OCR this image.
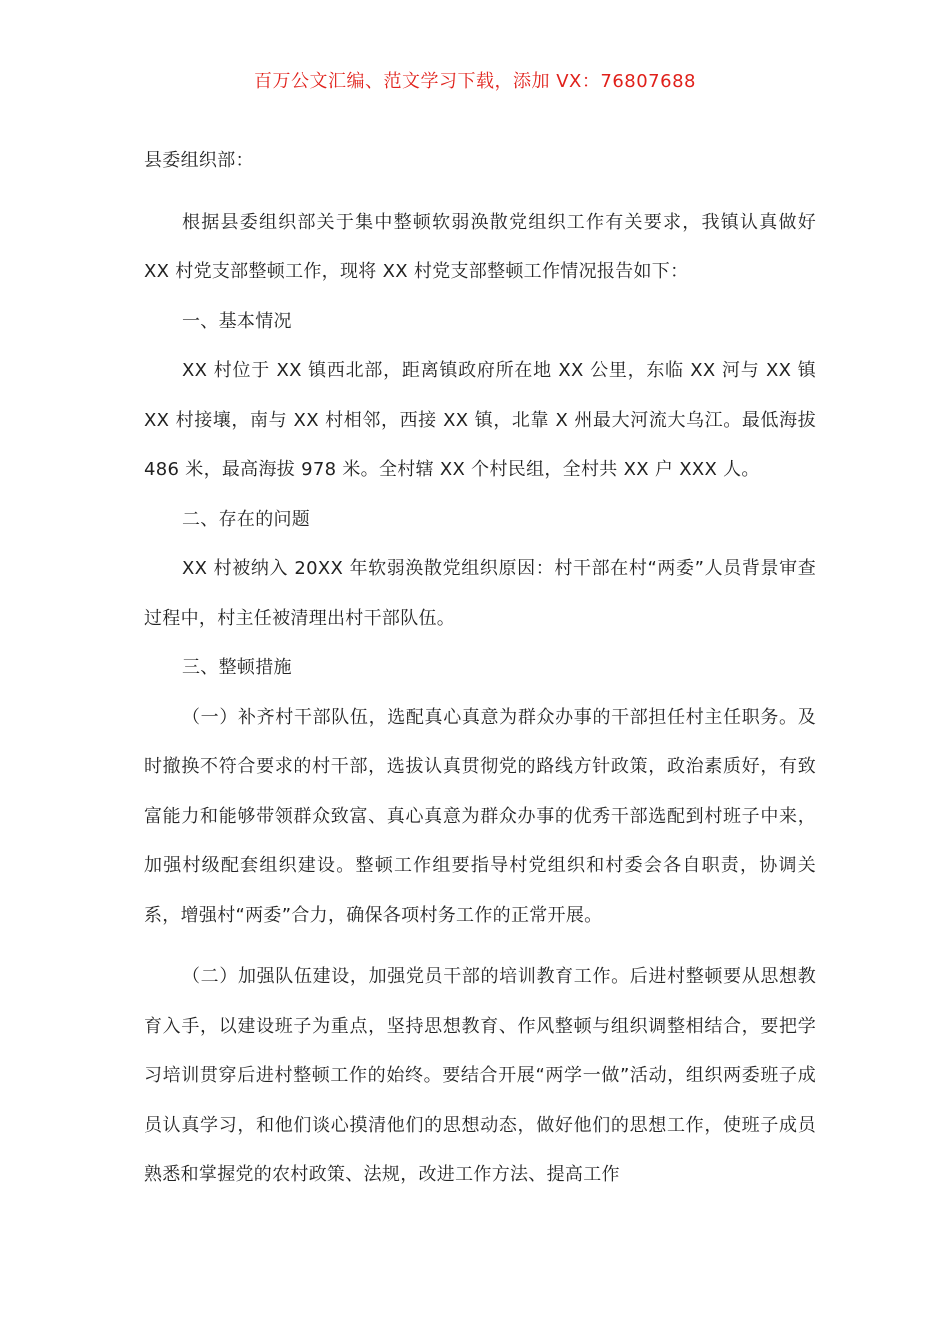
百万公文汇编、范文学习下载，添加 VX：76807688

县委组织部：

根据县委组织部关于集中整顿软弱涣散党组织工作有关要求，我镇认真做好 XX 村党支部整顿工作，现将 XX 村党支部整顿工作情况报告如下：

一、基本情况

XX 村位于 XX 镇西北部，距离镇政府所在地 XX 公里，东临 XX 河与 XX 镇 XX 村接壤，南与 XX 村相邻，西接 XX 镇，北靠 X 州最大河流大乌江。最低海拔 486 米，最高海拔 978 米。全村辖 XX 个村民组，全村共 XX 户 XXX 人。

二、存在的问题

XX 村被纳入 20XX 年软弱涣散党组织原因：村干部在村“两委”人员背景审查过程中，村主任被清理出村干部队伍。

三、整顿措施

（一）补齐村干部队伍，选配真心真意为群众办事的干部担任村主任职务。及时撤换不符合要求的村干部，选拔认真贯彻党的路线方针政策，政治素质好，有致富能力和能够带领群众致富、真心真意为群众办事的优秀干部选配到村班子中来，加强村级配套组织建设。整顿工作组要指导村党组织和村委会各自职责，协调关系，增强村“两委”合力，确保各项村务工作的正常开展。

（二）加强队伍建设，加强党员干部的培训教育工作。后进村整顿要从思想教育入手，以建设班子为重点，坚持思想教育、作风整顿与组织调整相结合，要把学习培训贯穿后进村整顿工作的始终。要结合开展“两学一做”活动，组织两委班子成员认真学习，和他们谈心摸清他们的思想动态，做好他们的思想工作，使班子成员熟悉和掌握党的农村政策、法规，改进工作方法、提高工作
